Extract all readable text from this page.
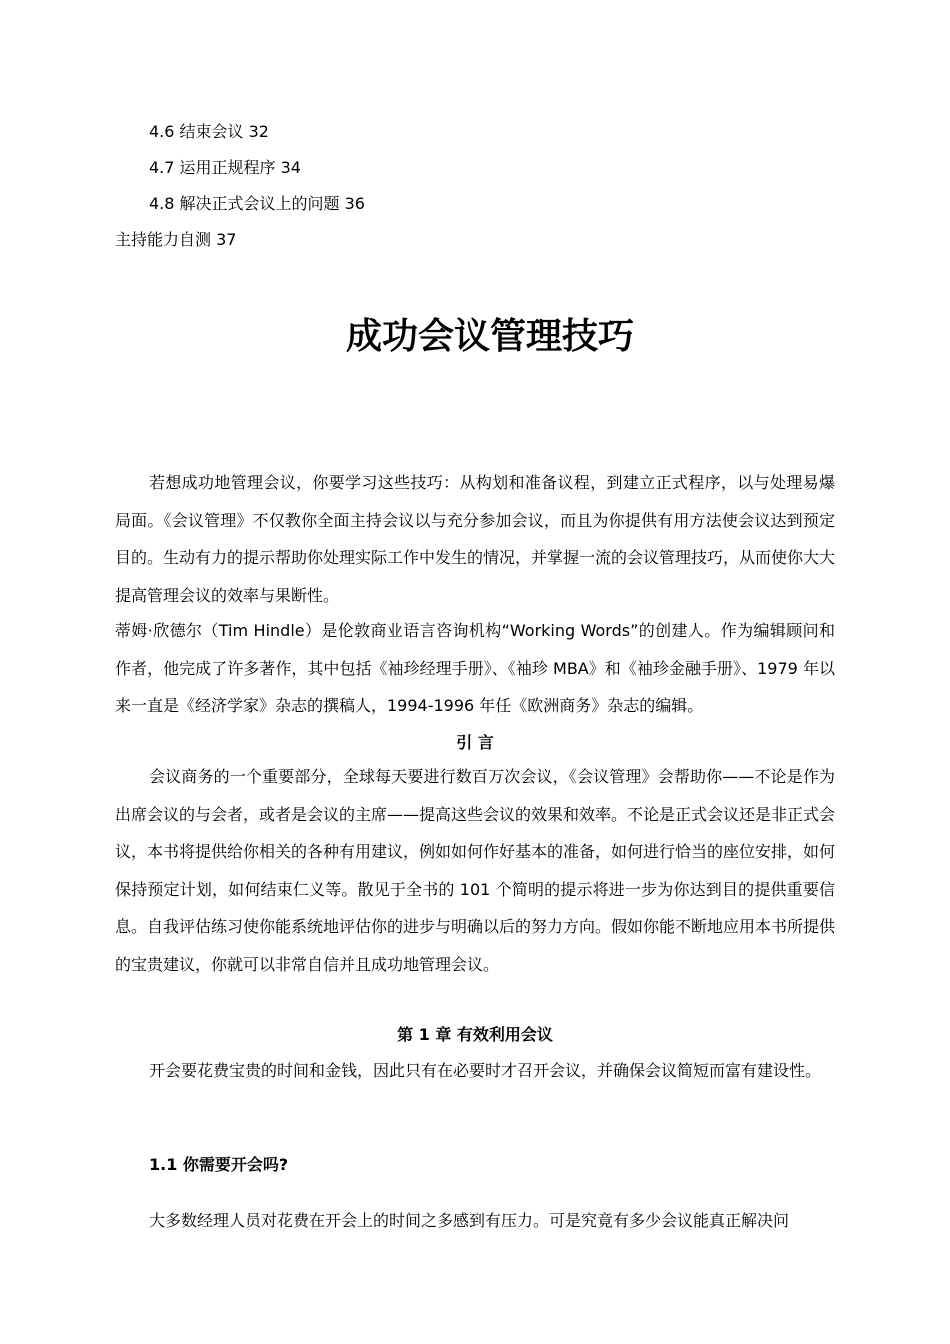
4.6 结束会议 32
4.7 运用正规程序 34
4.8 解决正式会议上的问题 36
主持能力自测 37
成功会议管理技巧

若想成功地管理会议，你要学习这些技巧：从构划和准备议程，到建立正式程序，以与处理易爆局面。《会议管理》不仅教你全面主持会议以与充分参加会议，而且为你提供有用方法使会议达到预定目的。生动有力的提示帮助你处理实际工作中发生的情况，并掌握一流的会议管理技巧，从而使你大大提高管理会议的效率与果断性。

蒂姆·欣德尔（Tim Hindle）是伦敦商业语言咨询机构“Working Words”的创建人。作为编辑顾问和作者，他完成了许多著作，其中包括《袖珍经理手册》、《袖珍 MBA》和《袖珍金融手册》、1979 年以来一直是《经济学家》杂志的撰稿人，1994-1996 年任《欧洲商务》杂志的编辑。

引 言

会议商务的一个重要部分，全球每天要进行数百万次会议，《会议管理》会帮助你——不论是作为出席会议的与会者，或者是会议的主席——提高这些会议的效果和效率。不论是正式会议还是非正式会议，本书将提供给你相关的各种有用建议，例如如何作好基本的准备，如何进行恰当的座位安排，如何保持预定计划，如何结束仁义等。散见于全书的 101 个简明的提示将进一步为你达到目的提供重要信息。自我评估练习使你能系统地评估你的进步与明确以后的努力方向。假如你能不断地应用本书所提供的宝贵建议，你就可以非常自信并且成功地管理会议。

第 1 章 有效利用会议

开会要花费宝贵的时间和金钱，因此只有在必要时才召开会议，并确保会议简短而富有建设性。

1.1 你需要开会吗?

大多数经理人员对花费在开会上的时间之多感到有压力。可是究竟有多少会议能真正解决问
